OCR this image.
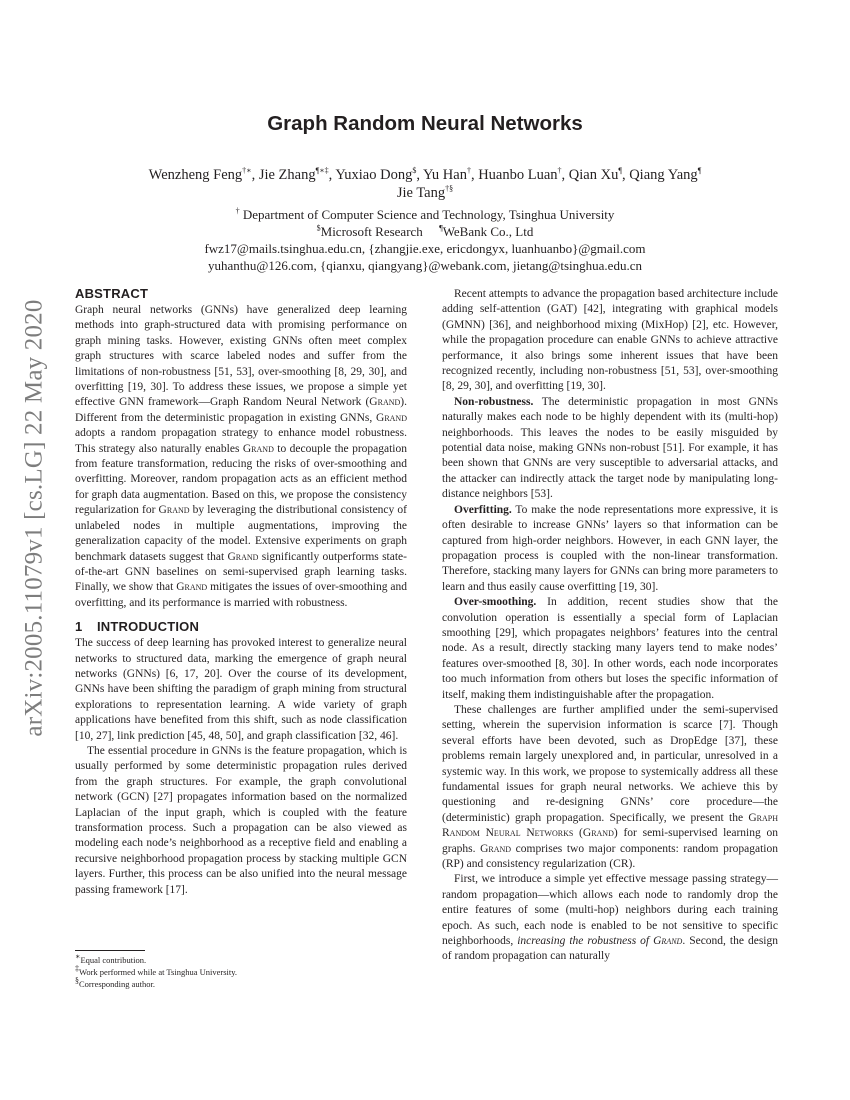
arXiv:2005.11079v1 [cs.LG] 22 May 2020
Graph Random Neural Networks
Wenzheng Feng†∗, Jie Zhang¶∗‡, Yuxiao Dong$, Yu Han†, Huanbo Luan†, Qian Xu¶, Qiang Yang¶
Jie Tang†§
† Department of Computer Science and Technology, Tsinghua University
$Microsoft Research ¶WeBank Co., Ltd
fwz17@mails.tsinghua.edu.cn, {zhangjie.exe, ericdongyx, luanhuanbo}@gmail.com
yuhanthu@126.com, {qianxu, qiangyang}@webank.com, jietang@tsinghua.edu.cn
ABSTRACT

Graph neural networks (GNNs) have generalized deep learning methods into graph-structured data with promising performance on graph mining tasks. However, existing GNNs often meet complex graph structures with scarce labeled nodes and suffer from the limitations of non-robustness [51, 53], over-smoothing [8, 29, 30], and overfitting [19, 30]. To address these issues, we propose a simple yet effective GNN framework—Graph Random Neural Network (Grand). Different from the deterministic propagation in existing GNNs, Grand adopts a random propagation strategy to enhance model robustness. This strategy also naturally enables Grand to decouple the propagation from feature transformation, reducing the risks of over-smoothing and overfitting. Moreover, random propagation acts as an efficient method for graph data augmentation. Based on this, we propose the consistency regularization for Grand by leveraging the distributional consistency of unlabeled nodes in multiple augmentations, improving the generalization capacity of the model. Extensive experiments on graph benchmark datasets suggest that Grand significantly outperforms state-of-the-art GNN baselines on semi-supervised graph learning tasks. Finally, we show that Grand mitigates the issues of over-smoothing and overfitting, and its performance is married with robustness.

1 INTRODUCTION

The success of deep learning has provoked interest to generalize neural networks to structured data, marking the emergence of graph neural networks (GNNs) [6, 17, 20]. Over the course of its development, GNNs have been shifting the paradigm of graph mining from structural explorations to representation learning. A wide variety of graph applications have benefited from this shift, such as node classification [10, 27], link prediction [45, 48, 50], and graph classification [32, 46].

The essential procedure in GNNs is the feature propagation, which is usually performed by some deterministic propagation rules derived from the graph structures. For example, the graph convolutional network (GCN) [27] propagates information based on the normalized Laplacian of the input graph, which is coupled with the feature transformation process. Such a propagation can be also viewed as modeling each node’s neighborhood as a receptive field and enabling a recursive neighborhood propagation process by stacking multiple GCN layers. Further, this process can be also unified into the neural message passing framework [17].

Recent attempts to advance the propagation based architecture include adding self-attention (GAT) [42], integrating with graphical models (GMNN) [36], and neighborhood mixing (MixHop) [2], etc. However, while the propagation procedure can enable GNNs to achieve attractive performance, it also brings some inherent issues that have been recognized recently, including non-robustness [51, 53], over-smoothing [8, 29, 30], and overfitting [19, 30].

Non-robustness. The deterministic propagation in most GNNs naturally makes each node to be highly dependent with its (multi-hop) neighborhoods. This leaves the nodes to be easily misguided by potential data noise, making GNNs non-robust [51]. For example, it has been shown that GNNs are very susceptible to adversarial attacks, and the attacker can indirectly attack the target node by manipulating long-distance neighbors [53].

Overfitting. To make the node representations more expressive, it is often desirable to increase GNNs’ layers so that information can be captured from high-order neighbors. However, in each GNN layer, the propagation process is coupled with the non-linear transformation. Therefore, stacking many layers for GNNs can bring more parameters to learn and thus easily cause overfitting [19, 30].

Over-smoothing. In addition, recent studies show that the convolution operation is essentially a special form of Laplacian smoothing [29], which propagates neighbors’ features into the central node. As a result, directly stacking many layers tend to make nodes’ features over-smoothed [8, 30]. In other words, each node incorporates too much information from others but loses the specific information of itself, making them indistinguishable after the propagation.

These challenges are further amplified under the semi-supervised setting, wherein the supervision information is scarce [7]. Though several efforts have been devoted, such as DropEdge [37], these problems remain largely unexplored and, in particular, unresolved in a systemic way. In this work, we propose to systemically address all these fundamental issues for graph neural networks. We achieve this by questioning and re-designing GNNs’ core procedure—the (deterministic) graph propagation. Specifically, we present the Graph Random Neural Networks (Grand) for semi-supervised learning on graphs. Grand comprises two major components: random propagation (RP) and consistency regularization (CR).

First, we introduce a simple yet effective message passing strategy—random propagation—which allows each node to randomly drop the entire features of some (multi-hop) neighbors during each training epoch. As such, each node is enabled to be not sensitive to specific neighborhoods, increasing the robustness of Grand. Second, the design of random propagation can naturally

∗Equal contribution.
‡Work performed while at Tsinghua University.
§Corresponding author.
